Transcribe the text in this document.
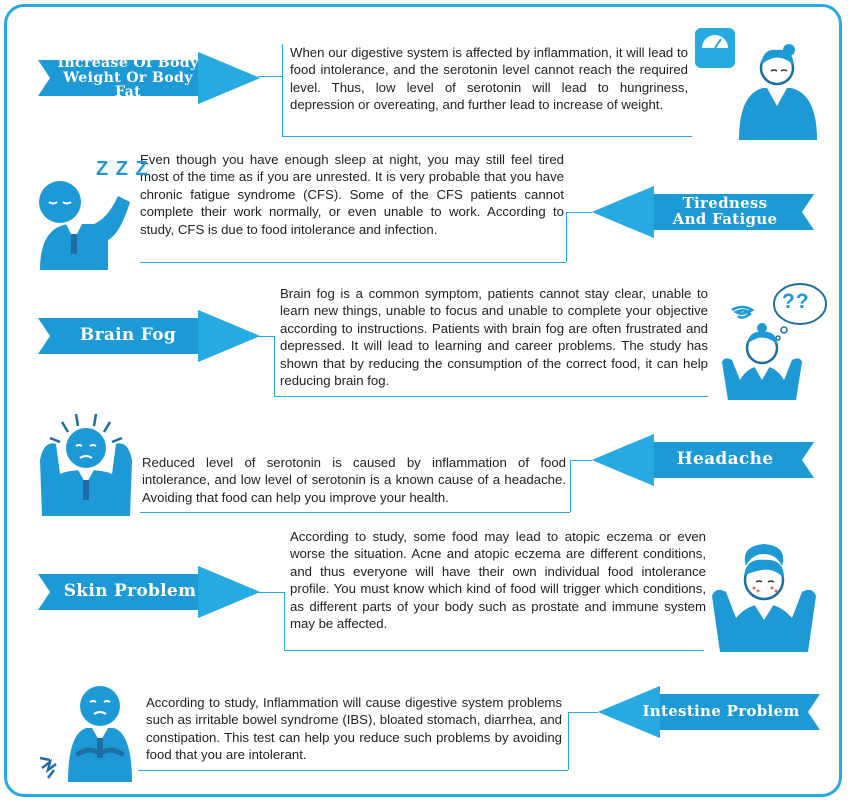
Increase Of Body
Weight Or Body Fat
When our digestive system is affected by inflammation, it will lead to food intolerance, and the serotonin level cannot reach the required level. Thus, low level of serotonin will lead to hungriness, depression or overeating, and further lead to increase of weight.
Tiredness
And Fatigue
Even though you have enough sleep at night, you may still feel tired most of the time as if you are unrested. It is very probable that you have chronic fatigue syndrome (CFS). Some of the CFS patients cannot complete their work normally, or even unable to work. According to study, CFS is due to food intolerance and infection.
Z Z Z
Brain Fog
Brain fog is a common symptom, patients cannot stay clear, unable to learn new things, unable to focus and unable to complete your objective according to instructions. Patients with brain fog are often frustrated and depressed. It will lead to learning and career problems. The study has shown that by reducing the consumption of the correct food, it can help reducing brain fog.
??
Headache
Reduced level of serotonin is caused by inflammation of food intolerance, and low level of serotonin is a known cause of a headache. Avoiding that food can help you improve your health.
Skin Problem
According to study, some food may lead to atopic eczema or even worse the situation. Acne and atopic eczema are different conditions, and thus everyone will have their own individual food intolerance profile. You must know which kind of food will trigger which conditions, as different parts of your body such as prostate and immune system may be affected.
Intestine Problem
According to study, Inflammation will cause digestive system problems such as irritable bowel syndrome (IBS), bloated stomach, diarrhea, and constipation. This test can help you reduce such problems by avoiding food that you are intolerant.
